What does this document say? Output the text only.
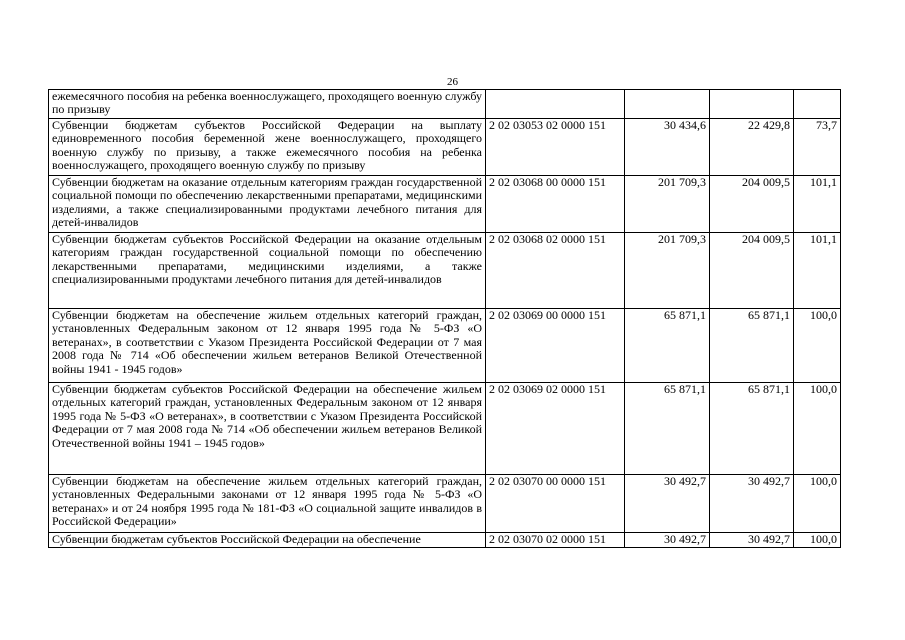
26
ежемесячного пособия на ребенка военнослужащего, проходящего военную службу по призыву				
Субвенции бюджетам субъектов Российской Федерации на выплату единовременного пособия беременной жене военнослужащего, проходящего военную службу по призыву, а также ежемесячного пособия на ребенка военнослужащего, проходящего военную службу по призыву	2 02 03053 02 0000 151	30 434,6	22 429,8	73,7
Субвенции бюджетам на оказание отдельным категориям граждан государственной социальной помощи по обеспечению лекарственными препаратами, медицинскими изделиями, а также специализированными продуктами лечебного питания для детей-инвалидов	2 02 03068 00 0000 151	201 709,3	204 009,5	101,1
Субвенции бюджетам субъектов Российской Федерации на оказание отдельным категориям граждан государственной социальной помощи по обеспечению лекарственными препаратами, медицинскими изделиями, а также специализированными продуктами лечебного питания для детей-инвалидов	2 02 03068 02 0000 151	201 709,3	204 009,5	101,1
Субвенции бюджетам на обеспечение жильем отдельных категорий граждан, установленных Федеральным законом от 12 января 1995 года № 5-ФЗ «О ветеранах», в соответствии с Указом Президента Российской Федерации от 7 мая 2008 года № 714 «Об обеспечении жильем ветеранов Великой Отечественной войны 1941 - 1945 годов»	2 02 03069 00 0000 151	65 871,1	65 871,1	100,0
Субвенции бюджетам субъектов Российской Федерации на обеспечение жильем отдельных категорий граждан, установленных Федеральным законом от 12 января 1995 года № 5-ФЗ «О ветеранах», в соответствии с Указом Президента Российской Федерации от 7 мая 2008 года № 714 «Об обеспечении жильем ветеранов Великой Отечественной войны 1941 – 1945 годов»	2 02 03069 02 0000 151	65 871,1	65 871,1	100,0
Субвенции бюджетам на обеспечение жильем отдельных категорий граждан, установленных Федеральными законами от 12 января 1995 года № 5-ФЗ «О ветеранах» и от 24 ноября 1995 года № 181-ФЗ «О социальной защите инвалидов в Российской Федерации»	2 02 03070 00 0000 151	30 492,7	30 492,7	100,0
Субвенции бюджетам субъектов Российской Федерации на обеспечение	2 02 03070 02 0000 151	30 492,7	30 492,7	100,0
